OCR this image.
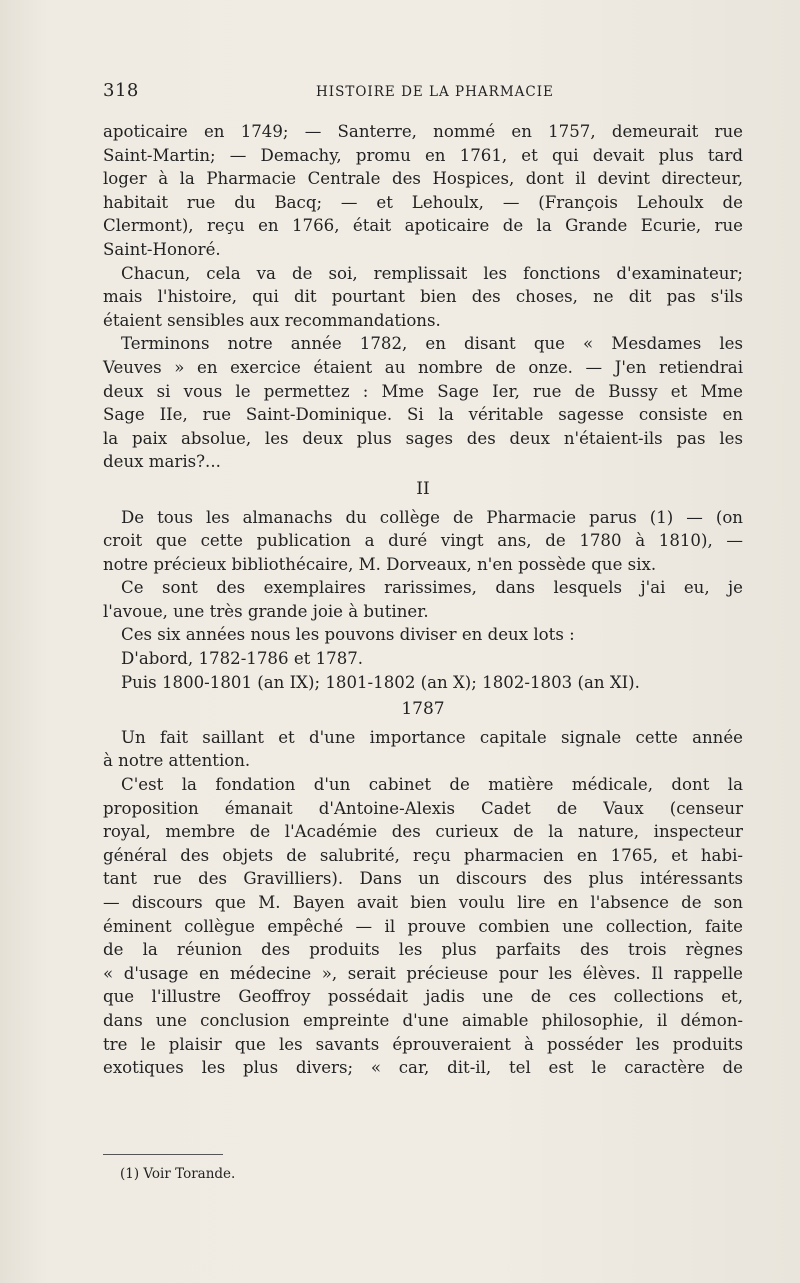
318	HISTOIRE DE LA PHARMACIE

apoticaire en 1749; — Santerre, nommé en 1757, demeurait rue
Saint-Martin; — Demachy, promu en 1761, et qui devait plus tard
loger à la Pharmacie Centrale des Hospices, dont il devint directeur,
habitait rue du Bacq; — et Lehoulx, — (François Lehoulx de
Clermont), reçu en 1766, était apoticaire de la Grande Ecurie, rue
Saint-Honoré.

Chacun, cela va de soi, remplissait les fonctions d'examinateur;
mais l'histoire, qui dit pourtant bien des choses, ne dit pas s'ils
étaient sensibles aux recommandations.

Terminons notre année 1782, en disant que « Mesdames les
Veuves » en exercice étaient au nombre de onze. — J'en retiendrai
deux si vous le permettez : Mme Sage Ier, rue de Bussy et Mme
Sage IIe, rue Saint-Dominique. Si la véritable sagesse consiste en
la paix absolue, les deux plus sages des deux n'étaient-ils pas les
deux maris?...

II

De tous les almanachs du collège de Pharmacie parus (1) — (on
croit que cette publication a duré vingt ans, de 1780 à 1810), —
notre précieux bibliothécaire, M. Dorveaux, n'en possède que six.

Ce sont des exemplaires rarissimes, dans lesquels j'ai eu, je
l'avoue, une très grande joie à butiner.

Ces six années nous les pouvons diviser en deux lots :

D'abord, 1782-1786 et 1787.

Puis 1800-1801 (an IX); 1801-1802 (an X); 1802-1803 (an XI).

1787

Un fait saillant et d'une importance capitale signale cette année
à notre attention.

C'est la fondation d'un cabinet de matière médicale, dont la
proposition émanait d'Antoine-Alexis Cadet de Vaux (censeur
royal, membre de l'Académie des curieux de la nature, inspecteur
général des objets de salubrité, reçu pharmacien en 1765, et habi-
tant rue des Gravilliers). Dans un discours des plus intéressants
— discours que M. Bayen avait bien voulu lire en l'absence de son
éminent collègue empêché — il prouve combien une collection, faite
de la réunion des produits les plus parfaits des trois règnes
« d'usage en médecine », serait précieuse pour les élèves. Il rappelle
que l'illustre Geoffroy possédait jadis une de ces collections et,
dans une conclusion empreinte d'une aimable philosophie, il démon-
tre le plaisir que les savants éprouveraient à posséder les produits
exotiques les plus divers; « car, dit-il, tel est le caractère de

(1) Voir Torande.
